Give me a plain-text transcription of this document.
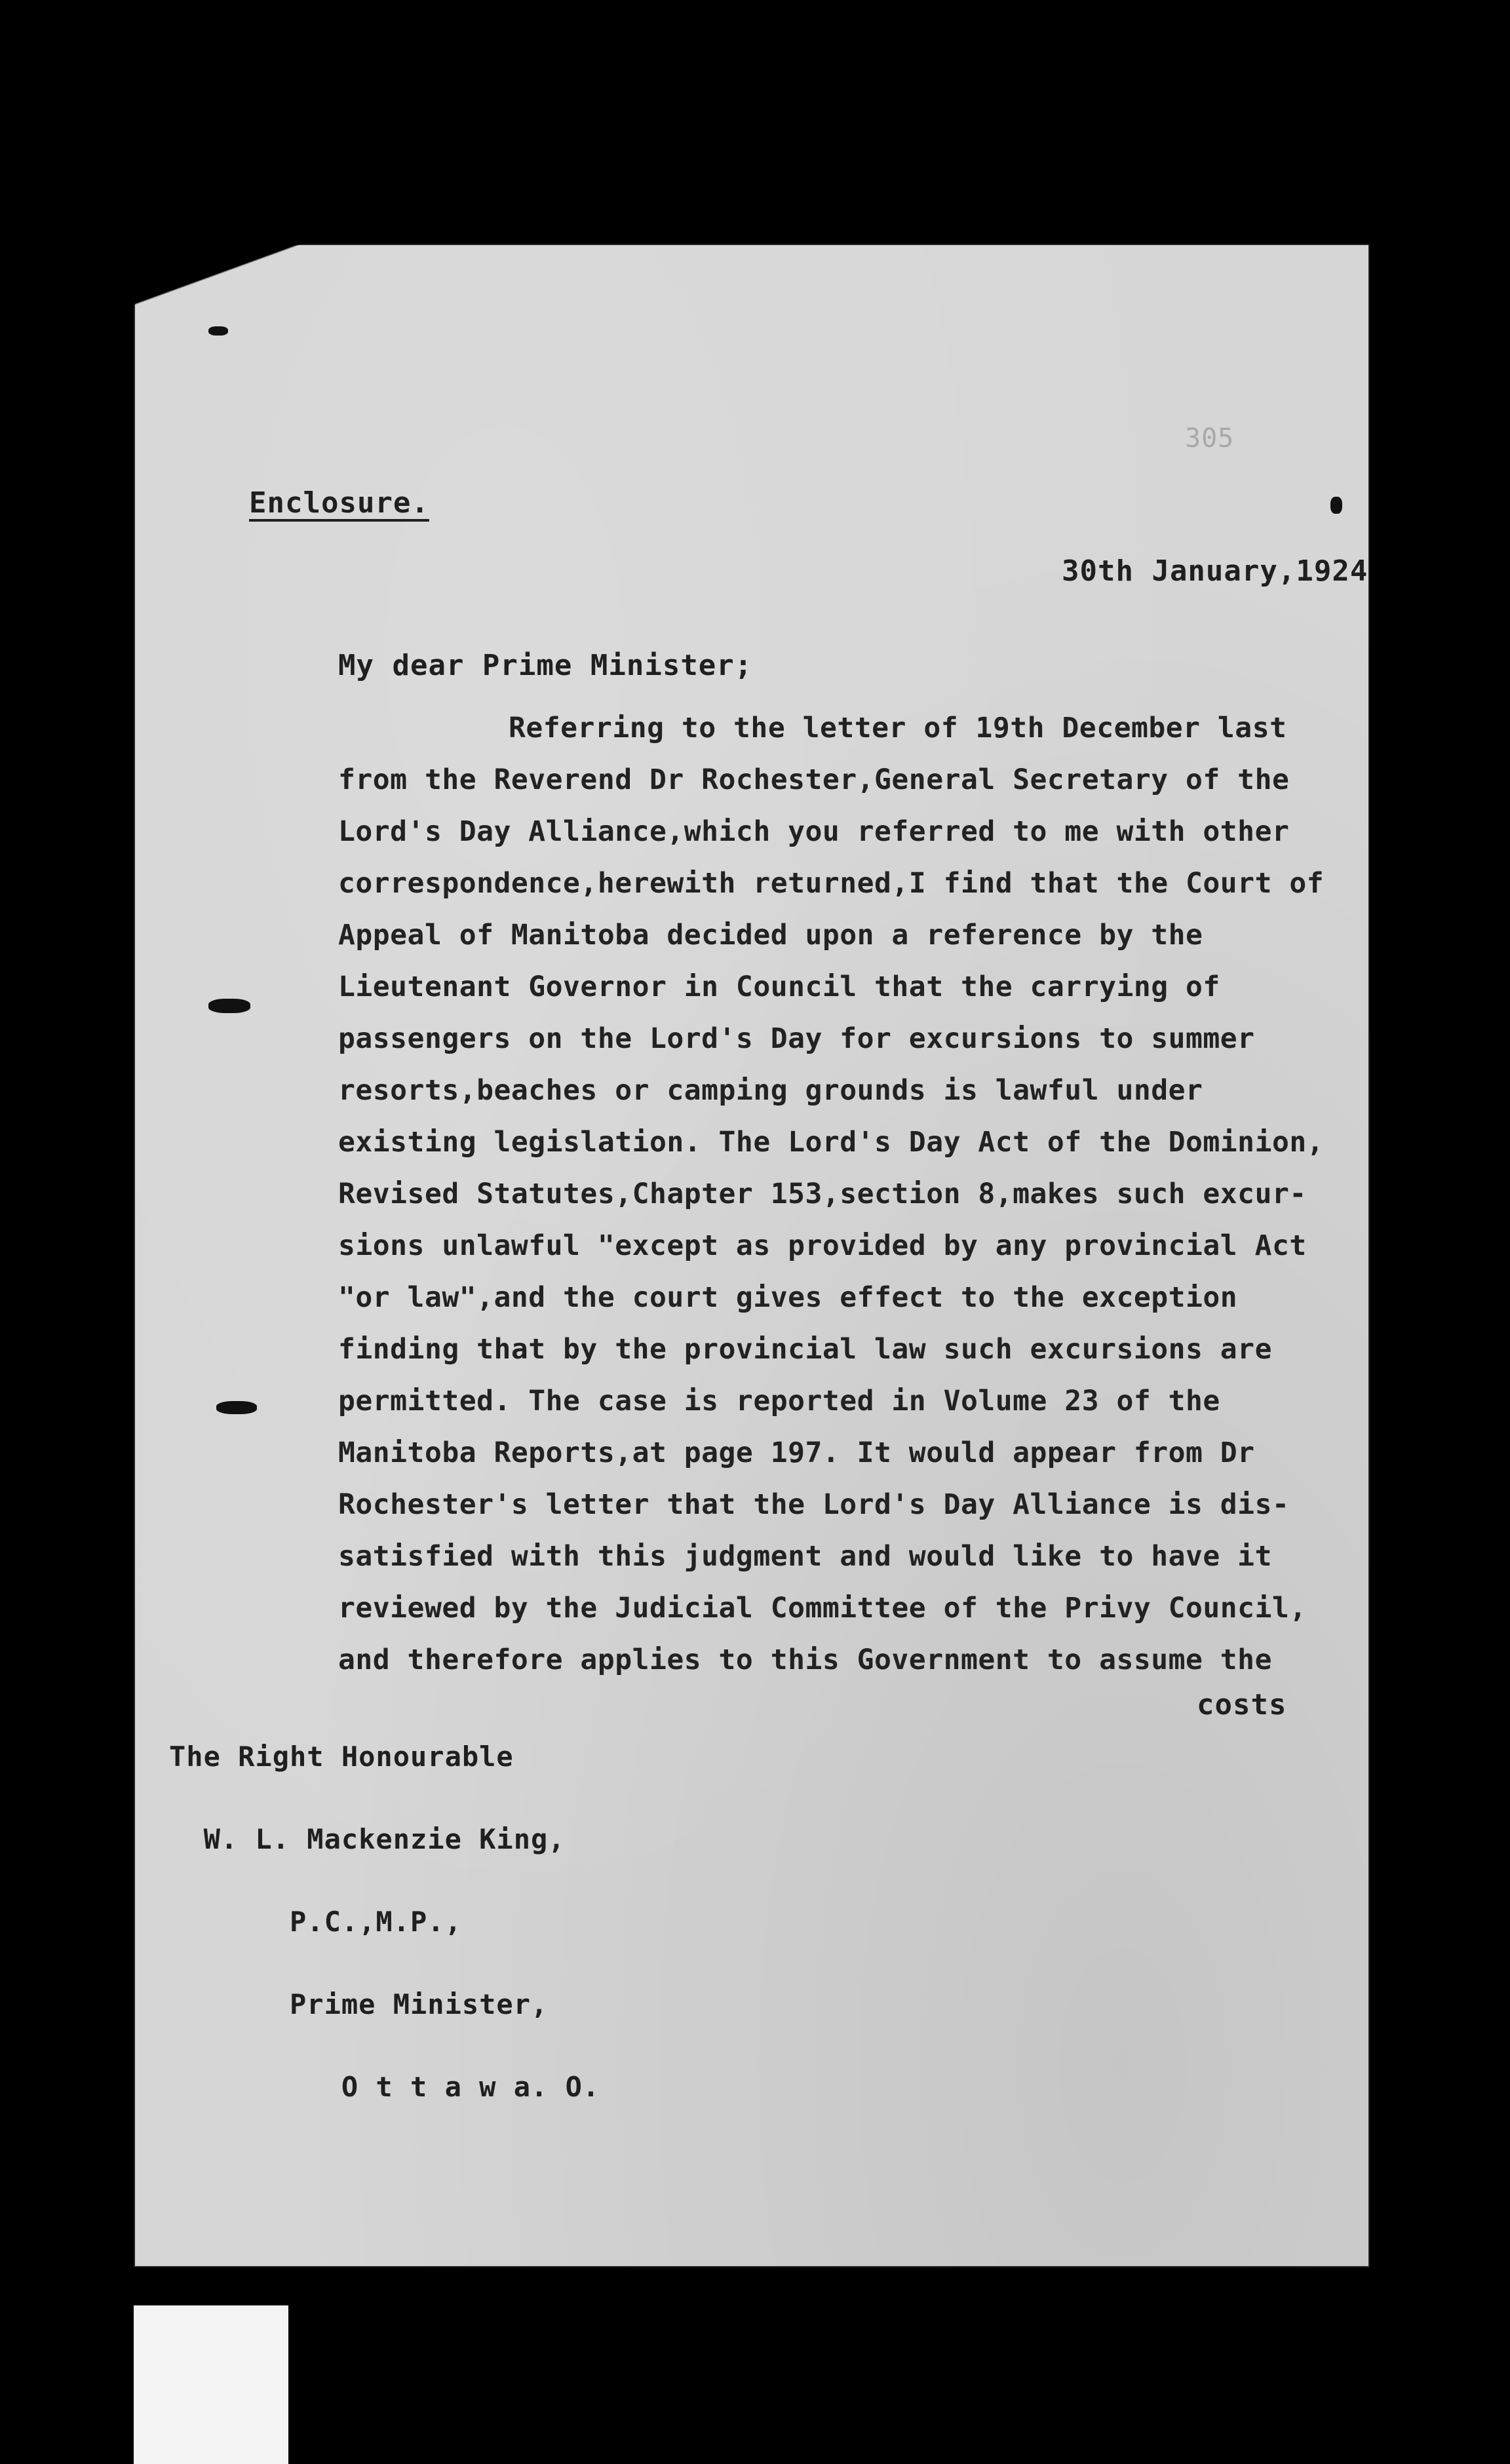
305
Enclosure.
30th January,1924
My dear Prime Minister;
Referring to the letter of 19th December last
from the Reverend Dr Rochester,General Secretary of the
Lord's Day Alliance,which you referred to me with other
correspondence,herewith returned,I find that the Court of
Appeal of Manitoba decided upon a reference by the
Lieutenant Governor in Council that the carrying of
passengers on the Lord's Day for excursions to summer
resorts,beaches or camping grounds is lawful under
existing legislation. The Lord's Day Act of the Dominion,
Revised Statutes,Chapter 153,section 8,makes such excur-
sions unlawful "except as provided by any provincial Act
"or law",and the court gives effect to the exception
finding that by the provincial law such excursions are
permitted. The case is reported in Volume 23 of the
Manitoba Reports,at page 197. It would appear from Dr
Rochester's letter that the Lord's Day Alliance is dis-
satisfied with this judgment and would like to have it
reviewed by the Judicial Committee of the Privy Council,
and therefore applies to this Government to assume the
costs

The Right Honourable

W. L. Mackenzie King,

P.C.,M.P.,

Prime Minister,

O t t a w a. O.
